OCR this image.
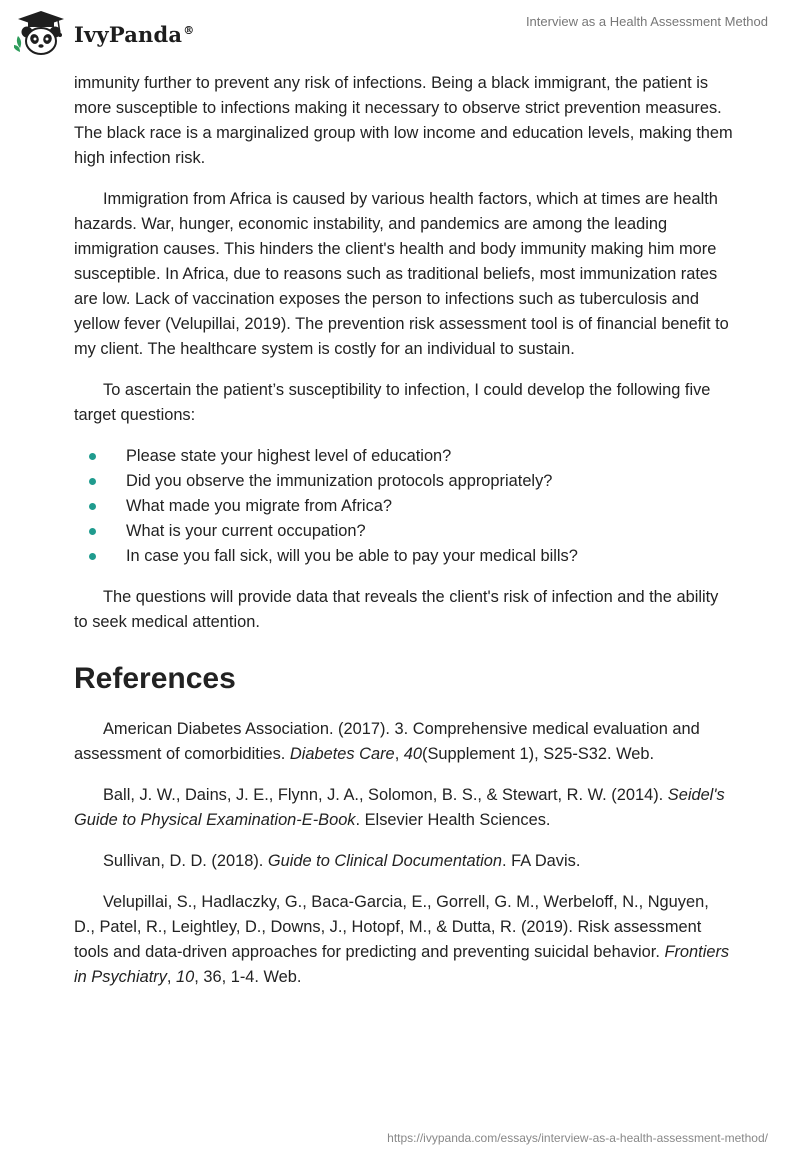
IvyPanda®
Interview as a Health Assessment Method

immunity further to prevent any risk of infections. Being a black immigrant, the patient is more susceptible to infections making it necessary to observe strict prevention measures. The black race is a marginalized group with low income and education levels, making them high infection risk.

Immigration from Africa is caused by various health factors, which at times are health hazards. War, hunger, economic instability, and pandemics are among the leading immigration causes. This hinders the client's health and body immunity making him more susceptible. In Africa, due to reasons such as traditional beliefs, most immunization rates are low. Lack of vaccination exposes the person to infections such as tuberculosis and yellow fever (Velupillai, 2019). The prevention risk assessment tool is of financial benefit to my client. The healthcare system is costly for an individual to sustain.

To ascertain the patient’s susceptibility to infection, I could develop the following five target questions:

Please state your highest level of education?
Did you observe the immunization protocols appropriately?
What made you migrate from Africa?
What is your current occupation?
In case you fall sick, will you be able to pay your medical bills?

The questions will provide data that reveals the client's risk of infection and the ability to seek medical attention.

References

American Diabetes Association. (2017). 3. Comprehensive medical evaluation and assessment of comorbidities. Diabetes Care, 40(Supplement 1), S25-S32. Web.

Ball, J. W., Dains, J. E., Flynn, J. A., Solomon, B. S., & Stewart, R. W. (2014). Seidel's Guide to Physical Examination-E-Book. Elsevier Health Sciences.

Sullivan, D. D. (2018). Guide to Clinical Documentation. FA Davis.

Velupillai, S., Hadlaczky, G., Baca-Garcia, E., Gorrell, G. M., Werbeloff, N., Nguyen, D., Patel, R., Leightley, D., Downs, J., Hotopf, M., & Dutta, R. (2019). Risk assessment tools and data-driven approaches for predicting and preventing suicidal behavior. Frontiers in Psychiatry, 10, 36, 1-4. Web.

https://ivypanda.com/essays/interview-as-a-health-assessment-method/
